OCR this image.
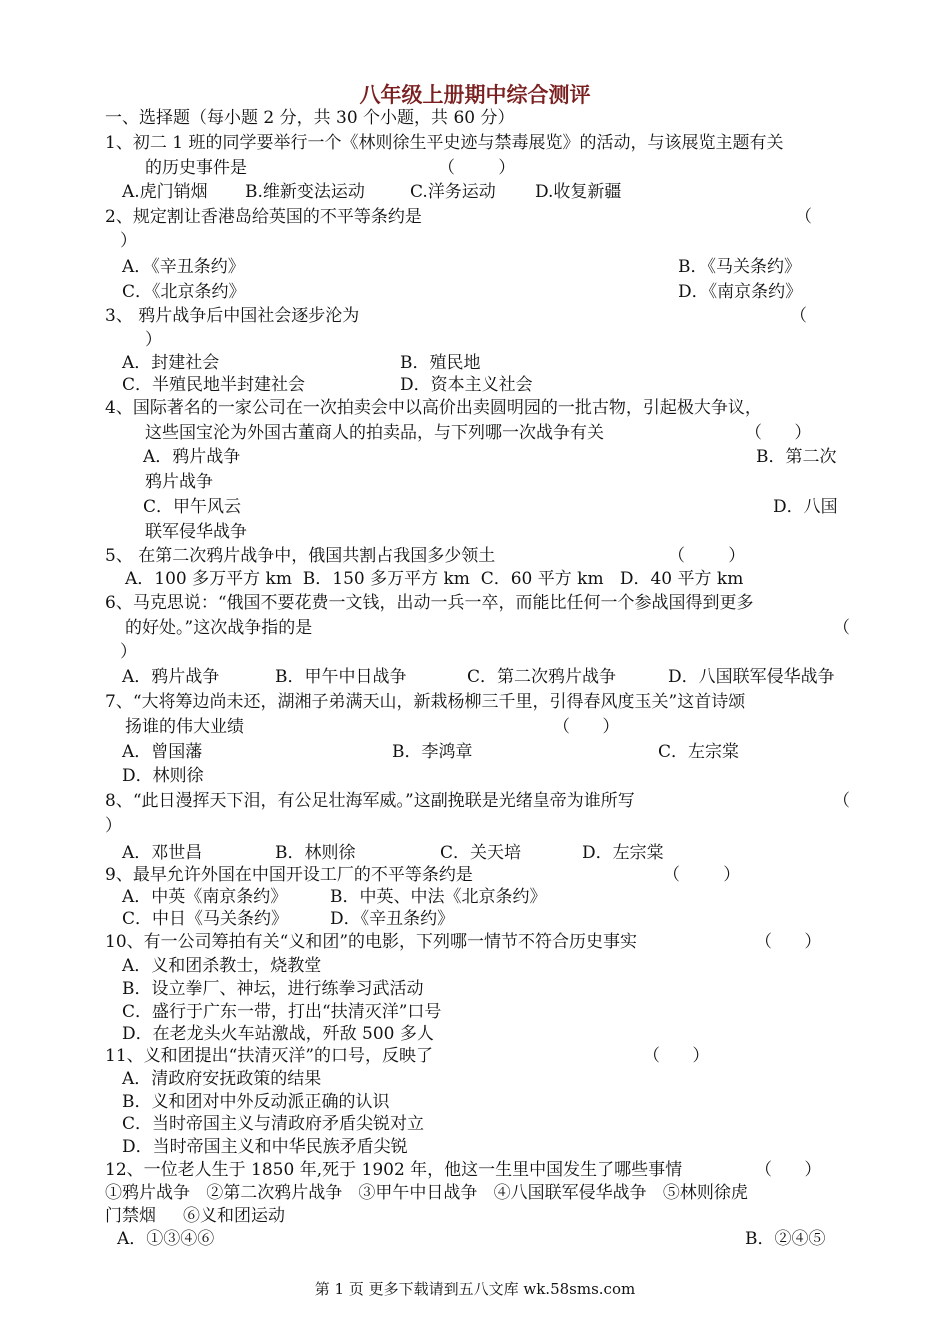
八年级上册期中综合测评
一、选择题（每小题 2 分，共 30 个小题，共 60 分）
1、初二 1 班的同学要举行一个《林则徐生平史迹与禁毒展览》的活动，与该展览主题有关
的历史事件是	（        ）
A.虎门销烟 B.维新变法运动	C.洋务运动 D.收复新疆
2、规定割让香港岛给英国的不平等条约是	（
）
A．《辛丑条约》	B．《马关条约》
C．《北京条约》	D．《南京条约》
3、 鸦片战争后中国社会逐步沦为	（
）
A．封建社会	B．殖民地
C．半殖民地半封建社会	D．资本主义社会
4、国际著名的一家公司在一次拍卖会中以高价出卖圆明园的一批古物，引起极大争议，
这些国宝沦为外国古董商人的拍卖品，与下列哪一次战争有关	（      ）
A．鸦片战争	B．第二次
鸦片战争
C．甲午风云	D．八国
联军侵华战争
5、 在第二次鸦片战争中，俄国共割占我国多少领土	（        ）
A．100 多万平方 km  B．150 多万平方 km  C．60 平方 km   D．40 平方 km
6、马克思说：“俄国不要花费一文钱，出动一兵一卒，而能比任何一个参战国得到更多
的好处。”这次战争指的是	（
）
A．鸦片战争	B．甲午中日战争	C．第二次鸦片战争	D．八国联军侵华战争
7、“大将筹边尚未还，湖湘子弟满天山，新栽杨柳三千里，引得春风度玉关”这首诗颂
扬谁的伟大业绩	（      ）
A．曾国藩	B．李鸿章	C．左宗棠
D．林则徐
8、“此日漫挥天下泪，有公足壮海军威。”这副挽联是光绪皇帝为谁所写	（
）
A．邓世昌	B．林则徐	C．关天培	D．左宗棠
9、最早允许外国在中国开设工厂的不平等条约是	（        ）
A．中英《南京条约》	B．中英、中法《北京条约》
C．中日《马关条约》 D．《辛丑条约》
10、有一公司筹拍有关“义和团”的电影，下列哪一情节不符合历史事实	（      ）
A．义和团杀教士，烧教堂
B．设立拳厂、神坛，进行练拳习武活动
C．盛行于广东一带，打出“扶清灭洋”口号
D．在老龙头火车站激战，歼敌 500 多人
11、义和团提出“扶清灭洋”的口号，反映了	（      ）
A．清政府安抚政策的结果
B．义和团对中外反动派正确的认识
C．当时帝国主义与清政府矛盾尖锐对立
D．当时帝国主义和中华民族矛盾尖锐
12、一位老人生于 1850 年,死于 1902 年，他这一生里中国发生了哪些事情	（      ）
①鸦片战争   ②第二次鸦片战争   ③甲午中日战争   ④八国联军侵华战争   ⑤林则徐虎
门禁烟     ⑥义和团运动
A．①③④⑥	B．②④⑤
第 1 页 更多下载请到五八文库 wk.58sms.com
